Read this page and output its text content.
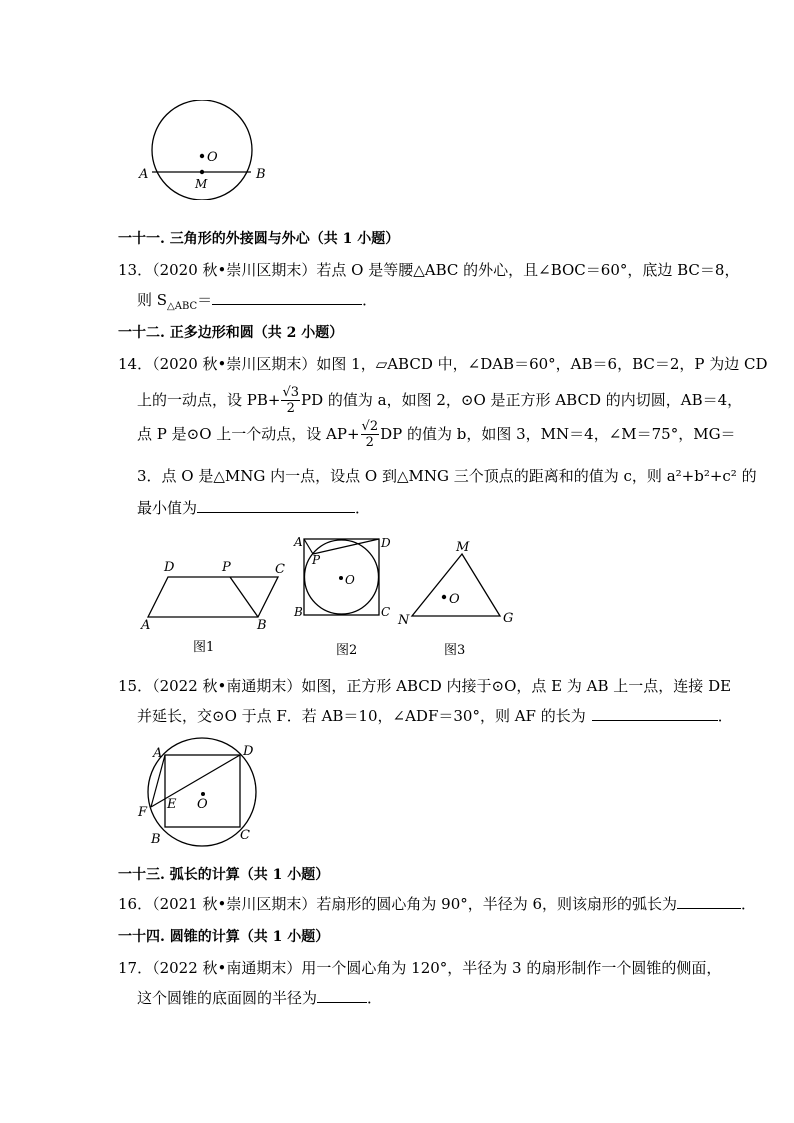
O
M
A	B
一十一. 三角形的外接圆与外心（共 1 小题）
13．（2020 秋•崇川区期末）若点 O 是等腰△ABC 的外心，且∠BOC＝60°，底边 BC＝8，
则 $S_{\triangle ABC}=$	．
一十二. 正多边形和圆（共 2 小题）
14．（2020 秋•崇川区期末）如图 1，▱ABCD 中，∠DAB＝60°，AB＝6，BC＝2，P 为边 CD
上的一动点，设 $PB+ \frac{√3}{2}$ PD 的值为 a，如图 2，⊙O 是正方形 ABCD 的内切圆，AB＝4，
点 P 是⊙O 上一个动点，设 $AP+ \frac{√2}{2}$ DP 的值为 b，如图 3，MN＝4，∠M＝75°，MG＝
3．点 O 是△MNG 内一点，设点 O 到△MNG 三个顶点的距离和的值为 c，则 a²+b²+c² 的
最小值为	．
D	P	C
A	B
图1
A	D
P
O
B	C
图2
M
O
N	G
图3
15．（2022 秋•南通期末）如图，正方形 ABCD 内接于⊙O，点 E 为 AB 上一点，连接 DE
并延长，交⊙O 于点 F．若 AB＝10，∠ADF＝30°，则 AF 的长为	．
A	D
E O
F
B	C
一十三. 弧长的计算（共 1 小题）
16．（2021 秋•崇川区期末）若扇形的圆心角为 90°，半径为 6，则该扇形的弧长为	．
一十四. 圆锥的计算（共 1 小题）
17．（2022 秋•南通期末）用一个圆心角为 120°，半径为 3 的扇形制作一个圆锥的侧面，
这个圆锥的底面圆的半径为	．
